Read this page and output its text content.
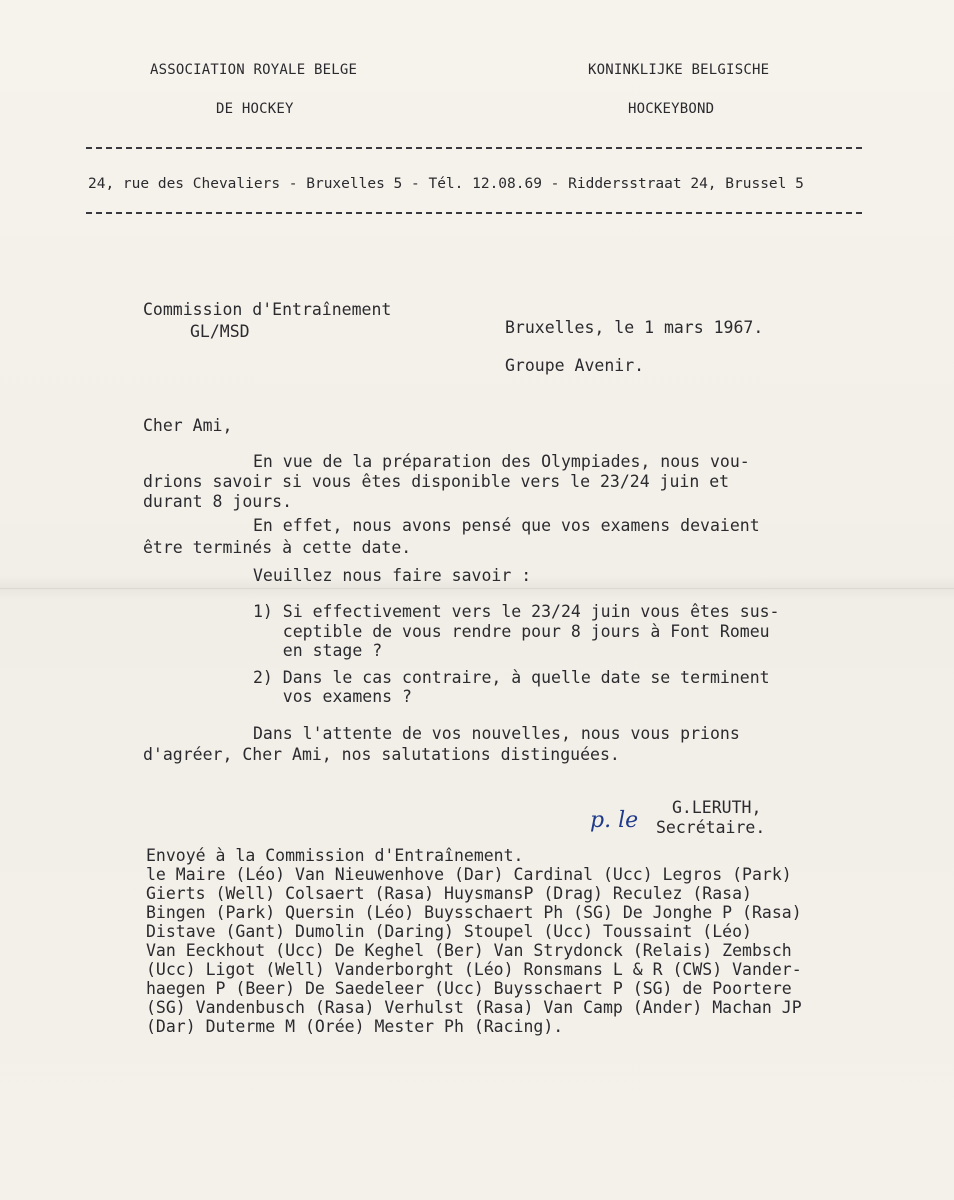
ASSOCIATION ROYALE BELGE
DE HOCKEY
KONINKLIJKE BELGISCHE
HOCKEYBOND
24, rue des Chevaliers - Bruxelles 5 - Tél. 12.08.69 - Riddersstraat 24, Brussel 5
Commission d'Entraînement
GL/MSD	Bruxelles, le 1 mars 1967.
Groupe Avenir.
Cher Ami,
En vue de la préparation des Olympiades, nous vou-
drions savoir si vous êtes disponible vers le 23/24 juin et
durant 8 jours.
En effet, nous avons pensé que vos examens devaient
être terminés à cette date.
Veuillez nous faire savoir :
1) Si effectivement vers le 23/24 juin vous êtes sus-
ceptible de vous rendre pour 8 jours à Font Romeu
en stage ?
2) Dans le cas contraire, à quelle date se terminent
vos examens ?
Dans l'attente de vos nouvelles, nous vous prions
d'agréer, Cher Ami, nos salutations distinguées.
p. le
G.LERUTH,
Secrétaire.
Envoyé à la Commission d'Entraînement.
le Maire (Léo) Van Nieuwenhove (Dar) Cardinal (Ucc) Legros (Park)
Gierts (Well) Colsaert (Rasa) HuysmansP (Drag) Reculez (Rasa)
Bingen (Park) Quersin (Léo) Buysschaert Ph (SG) De Jonghe P (Rasa)
Distave (Gant) Dumolin (Daring) Stoupel (Ucc) Toussaint (Léo)
Van Eeckhout (Ucc) De Keghel (Ber) Van Strydonck (Relais) Zembsch
(Ucc) Ligot (Well) Vanderborght (Léo) Ronsmans L & R (CWS) Vander-
haegen P (Beer) De Saedeleer (Ucc) Buysschaert P (SG) de Poortere
(SG) Vandenbusch (Rasa) Verhulst (Rasa) Van Camp (Ander) Machan JP
(Dar) Duterme M (Orée) Mester Ph (Racing).
